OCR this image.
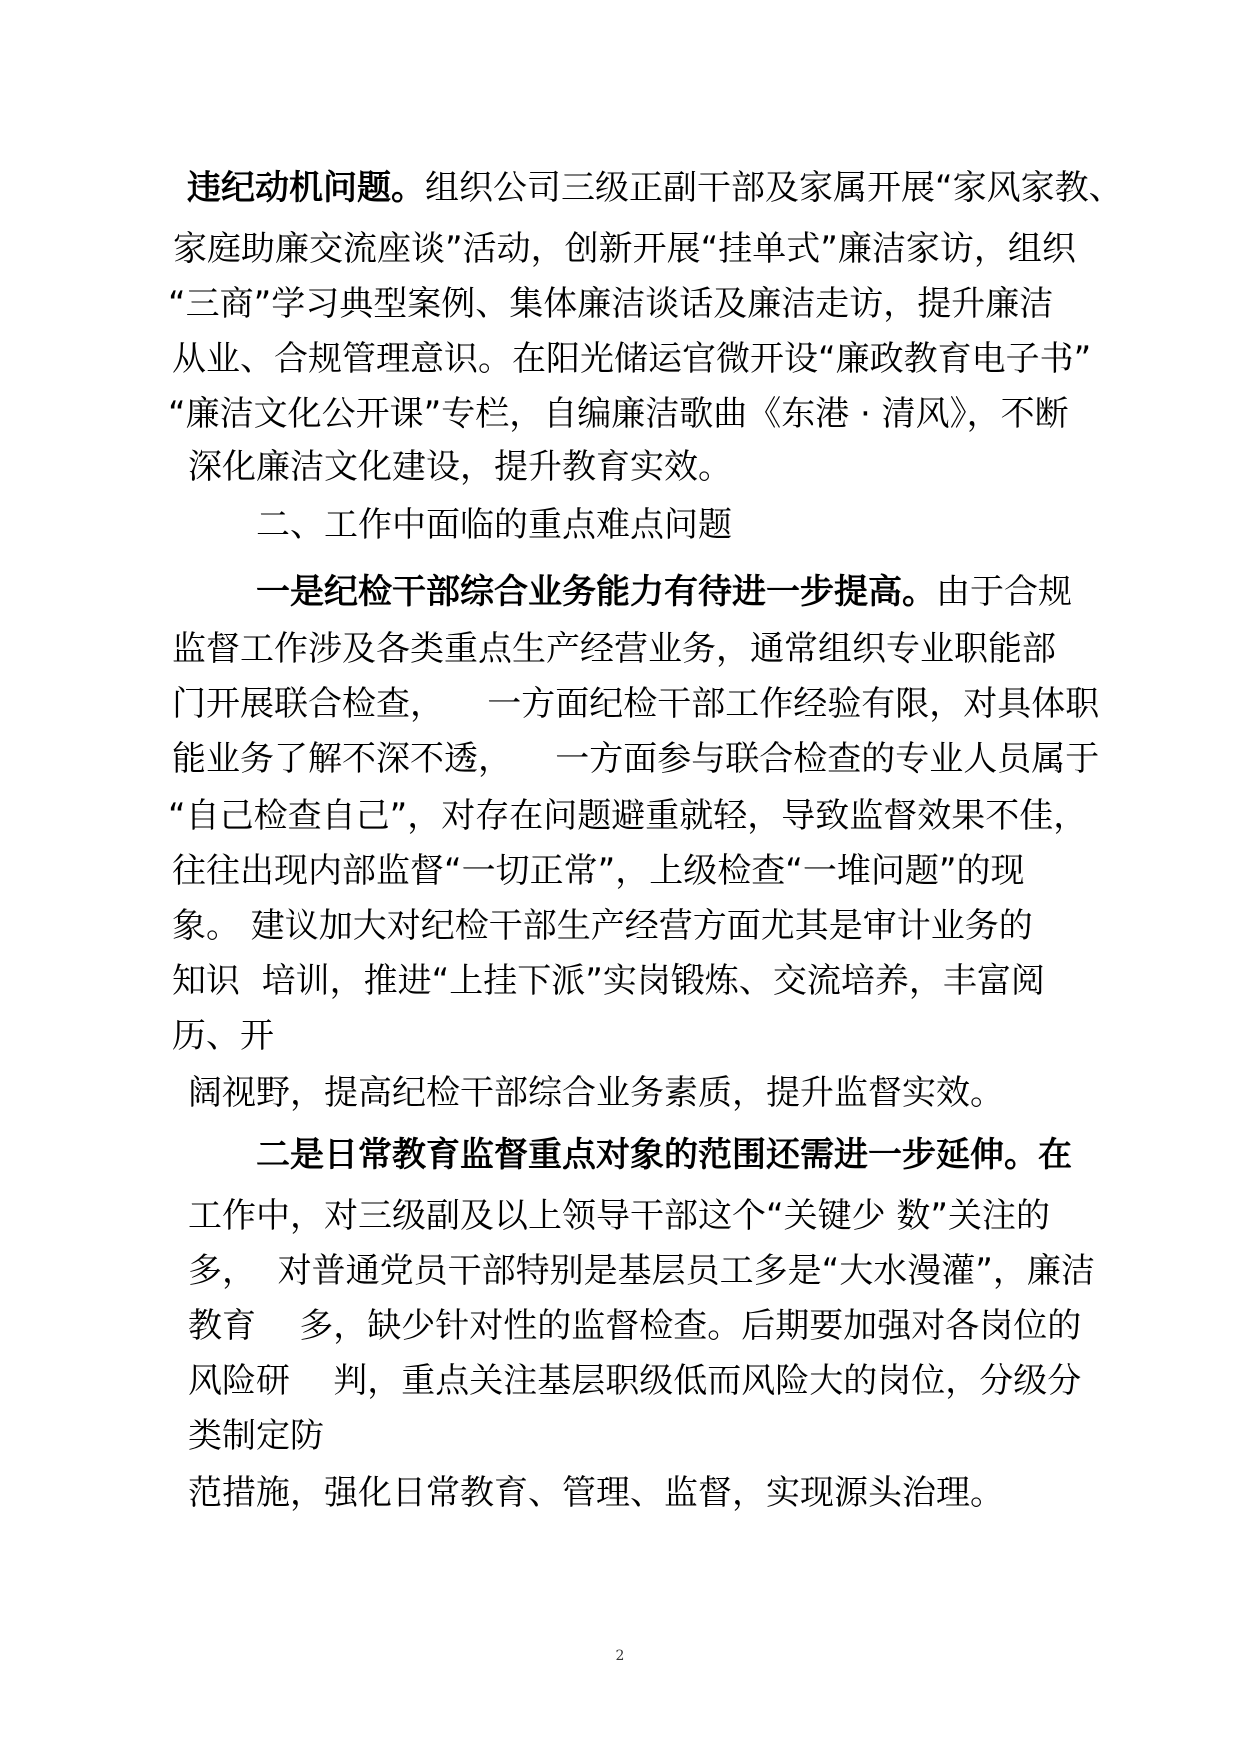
违纪动机问题。组织公司三级正副干部及家属开展“家风家教、
家庭助廉交流座谈”活动，创新开展“挂单式”廉洁家访，组织
“三商”学习典型案例、集体廉洁谈话及廉洁走访，提升廉洁
从业、合规管理意识。在阳光储运官微开设“廉政教育电子书”
“廉洁文化公开课”专栏，自编廉洁歌曲《东港 · 清风》，不断
深化廉洁文化建设，提升教育实效。
二、工作中面临的重点难点问题
一是纪检干部综合业务能力有待进一步提高。由于合规
监督工作涉及各类重点生产经营业务，通常组织专业职能部
门开展联合检查，    一方面纪检干部工作经验有限，对具体职
能业务了解不深不透，    一方面参与联合检查的专业人员属于
“自己检查自己”，对存在问题避重就轻，导致监督效果不佳，
往往出现内部监督“一切正常”，上级检查“一堆问题”的现
象。 建议加大对纪检干部生产经营方面尤其是审计业务的
知识  培训，推进“上挂下派”实岗锻炼、交流培养，丰富阅
历、开
阔视野，提高纪检干部综合业务素质，提升监督实效。
二是日常教育监督重点对象的范围还需进一步延伸。在
工作中，对三级副及以上领导干部这个“关键少 数”关注的
多，  对普通党员干部特别是基层员工多是“大水漫灌”，廉洁
教育    多，缺少针对性的监督检查。后期要加强对各岗位的
风险研    判，重点关注基层职级低而风险大的岗位，分级分
类制定防
范措施，强化日常教育、管理、监督，实现源头治理。
2
